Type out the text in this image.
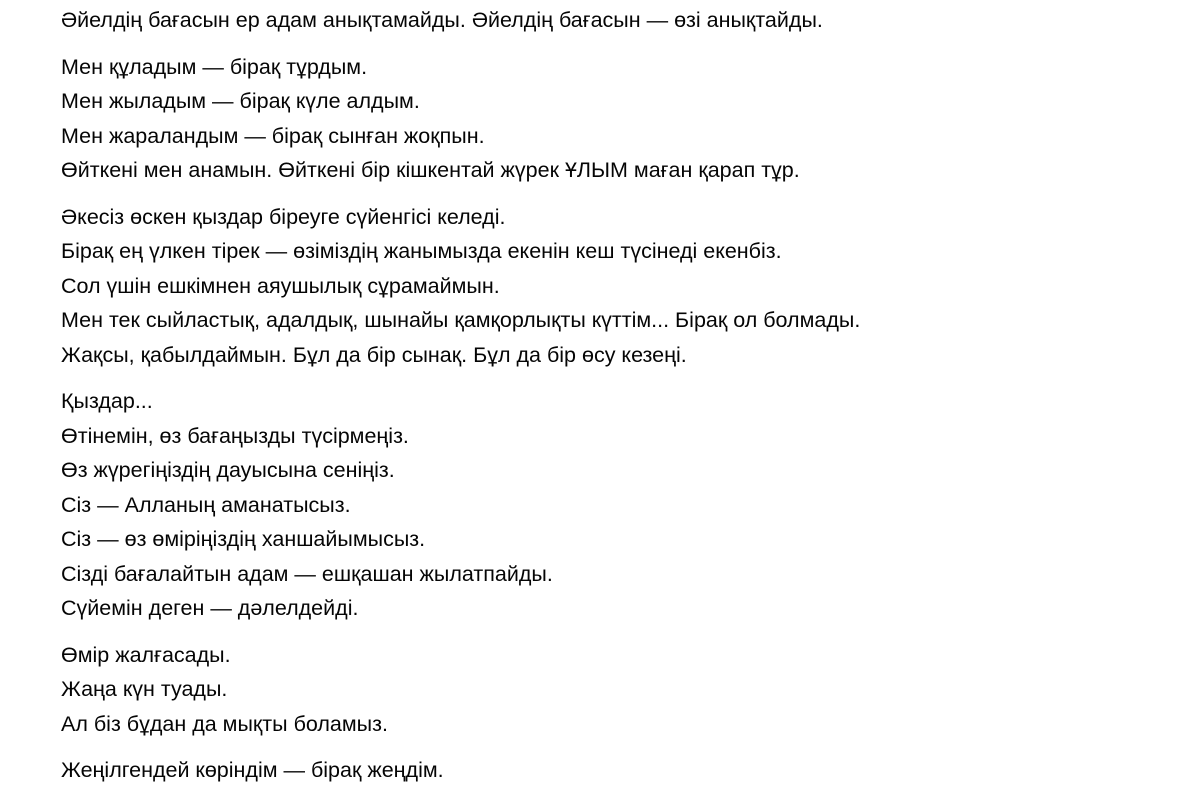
Әйелдің бағасын ер адам анықтамайды. Әйелдің бағасын — өзі анықтайды.
Мен құладым — бірақ тұрдым.
Мен жыладым — бірақ күле алдым.
Мен жараландым — бірақ сынған жоқпын.
Өйткені мен анамын. Өйткені бір кішкентай жүрек ҰЛЫМ маған қарап тұр.
Әкесіз өскен қыздар біреуге сүйенгісі келеді.
Бірақ ең үлкен тірек — өзіміздің жанымызда екенін кеш түсінеді екенбіз.
Сол үшін ешкімнен аяушылық сұрамаймын.
Мен тек сыйластық, адалдық, шынайы қамқорлықты күттім... Бірақ ол болмады.
Жақсы, қабылдаймын. Бұл да бір сынақ. Бұл да бір өсу кезеңі.
Қыздар...
Өтінемін, өз бағаңызды түсірмеңіз.
Өз жүрегіңіздің дауысына сеніңіз.
Сіз — Алланың аманатысыз.
Сіз — өз өміріңіздің ханшайымысыз.
Сізді бағалайтын адам — ешқашан жылатпайды.
Сүйемін деген — дәлелдейді.
Өмір жалғасады.
Жаңа күн туады.
Ал біз бұдан да мықты боламыз.
Жеңілгендей көріндім — бірақ жеңдім.
